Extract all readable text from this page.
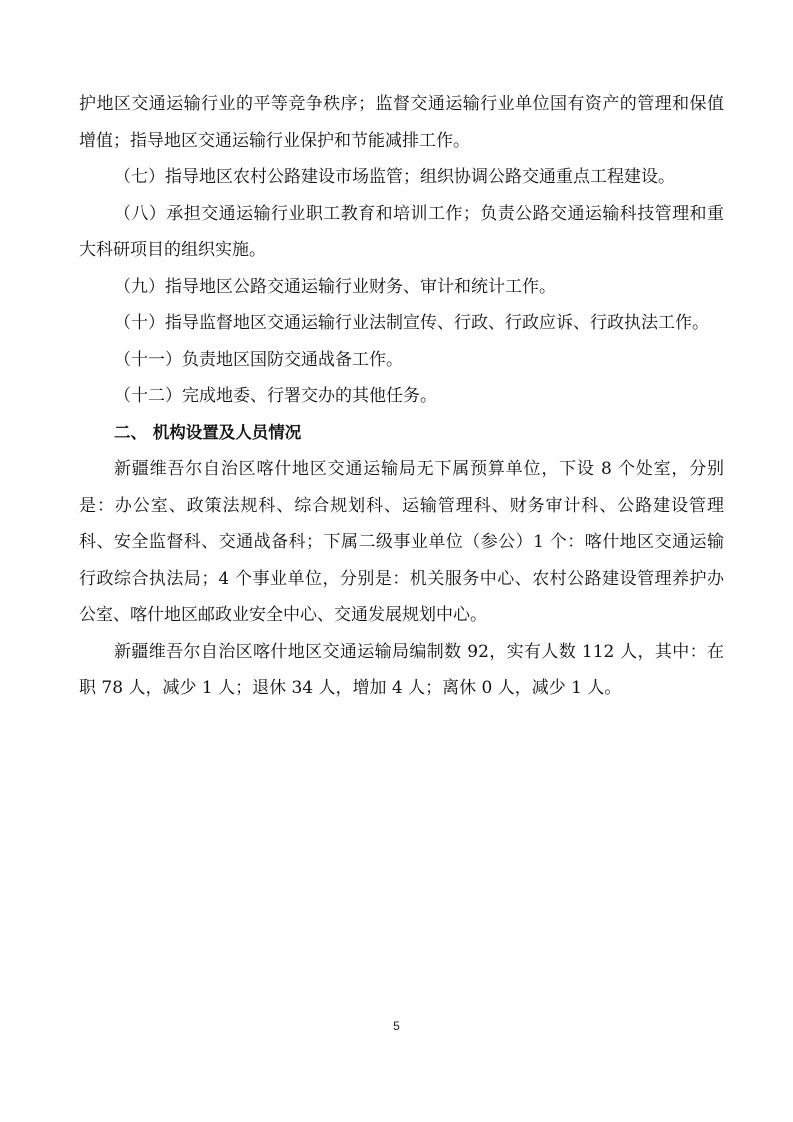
护地区交通运输行业的平等竞争秩序；监督交通运输行业单位国有资产的管理和保值增值；指导地区交通运输行业保护和节能减排工作。

（七）指导地区农村公路建设市场监管；组织协调公路交通重点工程建设。

（八）承担交通运输行业职工教育和培训工作；负责公路交通运输科技管理和重大科研项目的组织实施。

（九）指导地区公路交通运输行业财务、审计和统计工作。

（十）指导监督地区交通运输行业法制宣传、行政、行政应诉、行政执法工作。

（十一）负责地区国防交通战备工作。

（十二）完成地委、行署交办的其他任务。

二、 机构设置及人员情况

新疆维吾尔自治区喀什地区交通运输局无下属预算单位，下设 8 个处室，分别是：办公室、政策法规科、综合规划科、运输管理科、财务审计科、公路建设管理科、安全监督科、交通战备科；下属二级事业单位（参公）1 个：喀什地区交通运输行政综合执法局；4 个事业单位，分别是：机关服务中心、农村公路建设管理养护办公室、喀什地区邮政业安全中心、交通发展规划中心。

新疆维吾尔自治区喀什地区交通运输局编制数 92，实有人数 112 人，其中：在职 78 人，减少 1 人；退休 34 人，增加 4 人；离休 0 人，减少 1 人。

5
